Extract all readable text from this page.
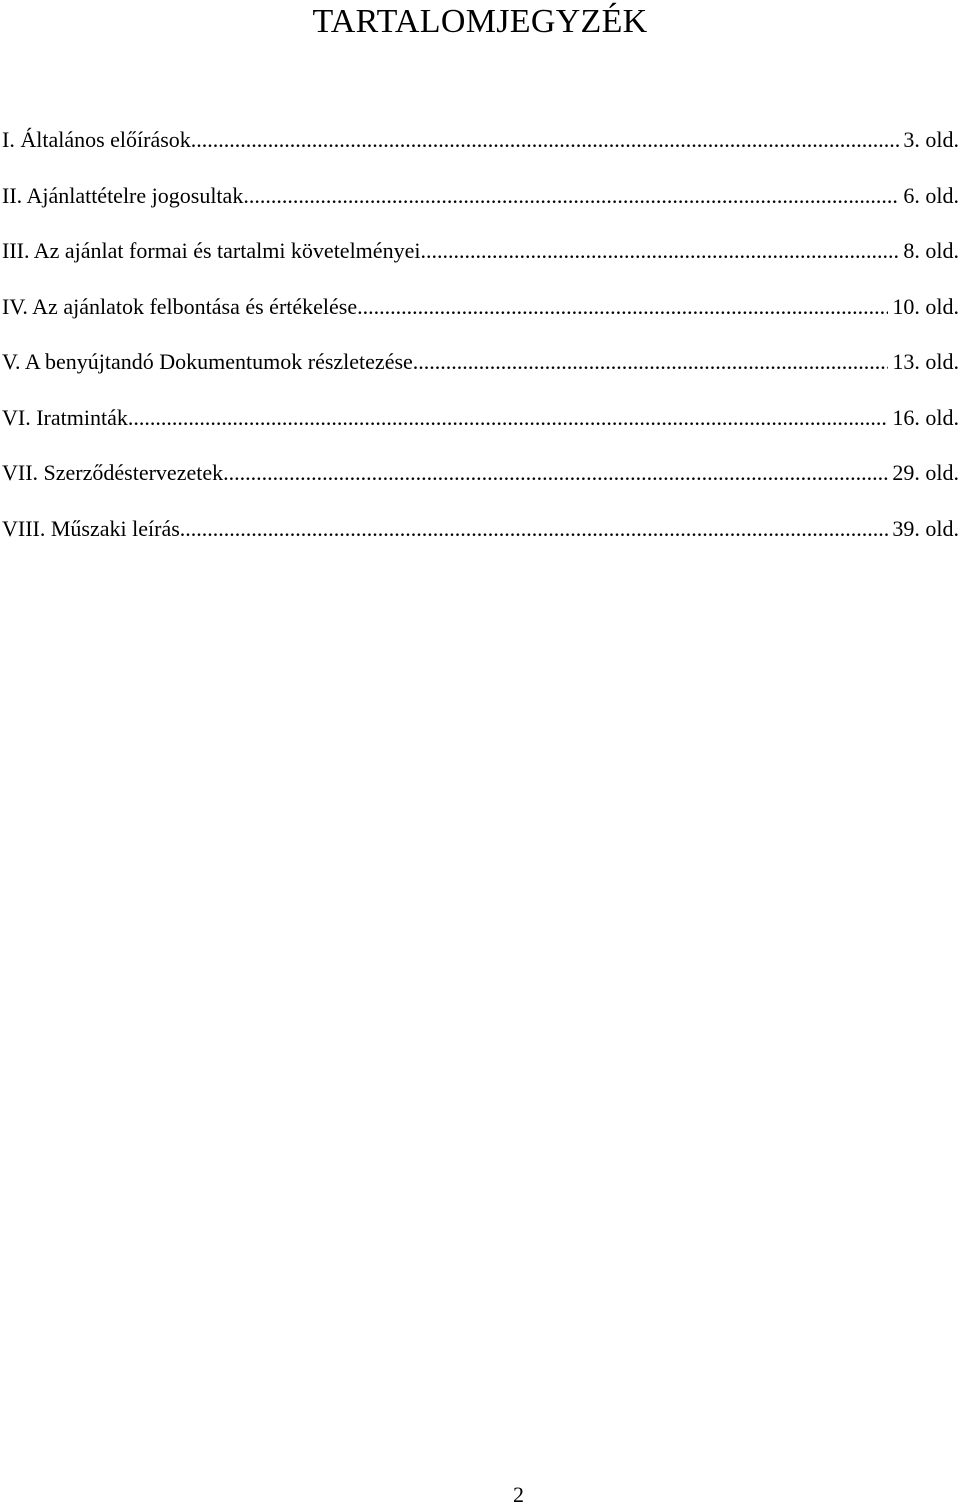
TARTALOMJEGYZÉK
I. Általános előírások .....	3. old.
II. Ajánlattételre jogosultak .....	6. old.
III. Az ajánlat formai és tartalmi követelményei .....	8. old.
IV. Az ajánlatok felbontása és értékelése .....	10. old.
V. A benyújtandó Dokumentumok részletezése .....	13. old.
VI. Iratminták .....	16. old.
VII. Szerződéstervezetek .....	29. old.
VIII. Műszaki leírás .....	39. old.
2
